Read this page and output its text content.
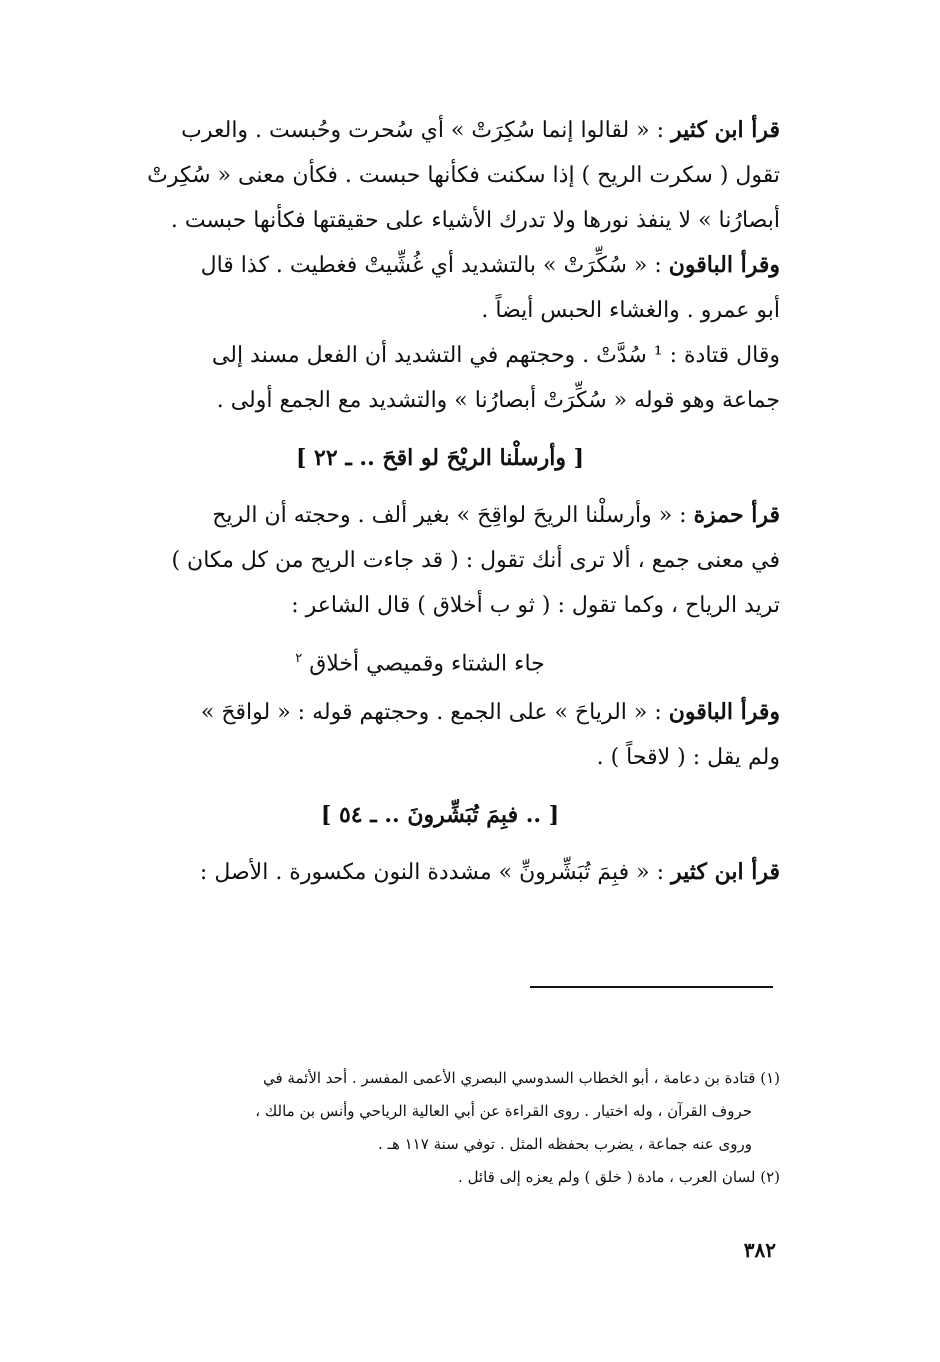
قرأ ابن كثير : « لقالوا إنما سُكِرَتْ » أي سُحرت وحُبست . والعرب
تقول ( سكرت الريح ) إذا سكنت فكأنها حبست . فكأن معنى « سُكِرتْ
أبصارُنا » لا ينفذ نورها ولا تدرك الأشياء على حقيقتها فكأنها حبست .
وقرأ الباقون : « سُكِّرَتْ » بالتشديد أي غُشِّيتْ فغطيت . كذا قال
أبو عمرو . والغشاء الحبس أيضاً .
وقال قتادة : ¹ سُدَّتْ . وحجتهم في التشديد أن الفعل مسند إلى
جماعة وهو قوله « سُكِّرَتْ أبصارُنا » والتشديد مع الجمع أولى .
[ وأرسلْنا الريْحَ لو اقحَ .. ـ ٢٢ ]
قرأ حمزة : « وأرسلْنا الريحَ لواقِحَ » بغير ألف . وحجته أن الريح
في معنى جمع ، ألا ترى أنك تقول : ( قد جاءت الريح من كل مكان )
تريد الرياح ، وكما تقول : ( ثو ب أخلاق ) قال الشاعر :
جاء الشتاء وقميصي أخلاق $^٢$
وقرأ الباقون : « الرياحَ » على الجمع . وحجتهم قوله : « لواقحَ »
ولم يقل : ( لاقحاً ) .
[ .. فبِمَ تُبَشِّرونَ .. ـ ٥٤ ]
قرأ ابن كثير : « فبِمَ تُبَشِّرونِّ » مشددة النون مكسورة . الأصل :
(١) قتادة بن دعامة ، أبو الخطاب السدوسي البصري الأعمى المفسر . أحد الأئمة في
حروف القرآن ، وله اختيار . روى القراءة عن أبي العالية الرياحي وأنس بن مالك ،
وروى عنه جماعة ، يضرب بحفظه المثل . توفي سنة ١١٧ هـ .
(٢) لسان العرب ، مادة ( خلق ) ولم يعزه إلى قائل .
٣٨٢
